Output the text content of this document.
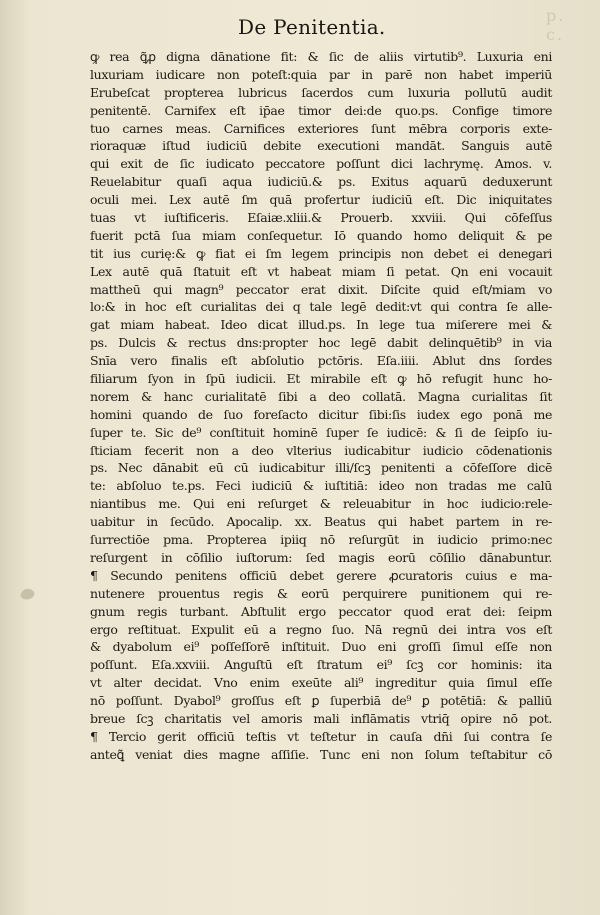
p. c.
De Penitentia.
ꝙ rea ꝗ̃ꝓ digna dānatione fit: & ſic de aliis virtutib⁹. Luxuria eni
luxuriam iudicare non poteſt:quia par in parē non habet imperiū
Erubeſcat propterea lubricus ſacerdos cum luxuria pollutū audit
penitentē. Carnifex eſt ip̄ae timor dei:de quo.ps. Confige timore
tuo carnes meas. Carnifices exteriores ſunt mēbra corporis exte-
rioraquæ iſtud iudiciū debite executioni mandāt. Sanguis autē
qui exit de ſic iudicato peccatore poſſunt dici lachrymę. Amos. v.
Reuelabitur quaſi aqua iudiciū.& ps. Exitus aquarū deduxerunt
oculi mei. Lex autē ſm quā profertur iudiciū eſt. Dic iniquitates
tuas vt iuſtificeris. Eſaiæ.xliii.& Prouerb. xxviii. Qui cōfeſſus
fuerit pctā ſua miam conſequetur. Iō quando homo deliquit & pe
tit ius curię:& ꝙ fiat ei ſm legem principis non debet ei denegari
Lex autē quā ſtatuit eſt vt habeat miam ſi petat. Qn eni vocauit
mattheū qui magn⁹ peccator erat dixit. Diſcite quid eſt/miam vo
lo:& in hoc eſt curialitas dei q tale legē dedit:vt qui contra ſe alle-
gat miam habeat. Ideo dicat illud.ps. In lege tua miſerere mei &
ps. Dulcis & rectus dns:propter hoc legē dabit delinquētib⁹ in via
Snīa vero finalis eſt abſolutio pctōris. Eſa.iiii. Ablut dns ſordes
filiarum ſyon in ſpū iudicii. Et mirabile eſt ꝙ hō refugit hunc ho-
norem & hanc curialitatē ſibi a deo collatā. Magna curialitas ſit
homini quando de ſuo foreſacto dicitur ſibi:ſis iudex ego ponā me
ſuper te. Sic de⁹ conſtituit hominē ſuper ſe iudicē: & ſi de ſeipſo iu-
ſticiam fecerit non a deo vlterius iudicabitur iudicio cōdenationis
ps. Nec dānabit eū cū iudicabitur illi/ſcꝫ penitenti a cōfeſſore dicē
te: abſoluo te.ps. Feci iudiciū & iuſtitiā: ideo non tradas me calū
niantibus me. Qui eni reſurget & releuabitur in hoc iudicio:rele-
uabitur in ſecūdo. Apocalip. xx. Beatus qui habet partem in re-
ſurrectiōe pma. Propterea ipiiq nō reſurgūt in iudicio primo:nec
reſurgent in cōſilio iuſtorum: ſed magis eorū cōſilio dānabuntur.
¶ Secundo penitens officiū debet gerere ꝓcuratoris cuius e ma-
nutenere prouentus regis & eorū perquirere punitionem qui re-
gnum regis turbant. Abſtulit ergo peccator quod erat dei: ſeipm
ergo reſtituat. Expulit eū a regno ſuo. Nā regnū dei intra vos eſt
& dyabolum ei⁹ poſſeſſorē inſtituit. Duo eni groſſi ſimul eſſe non
poſſunt. Eſa.xxviii. Anguſtū eſt ſtratum ei⁹ ſcꝫ cor hominis: ita
vt alter decidat. Vno enim exeūte ali⁹ ingreditur quia ſimul eſſe
nō poſſunt. Dyabol⁹ groſſus eſt ꝑ ſuperbiā de⁹ ꝑ potētiā: & palliū
breue ſcꝫ charitatis vel amoris mali inflāmatis vtriq̄ opire nō pot.
¶ Tercio gerit officiū teſtis vt teſtetur in cauſa dn̄i ſui contra ſe
anteꝗ̃ veniat dies magne aſſiſie. Tunc eni non ſolum teſtabitur cō
